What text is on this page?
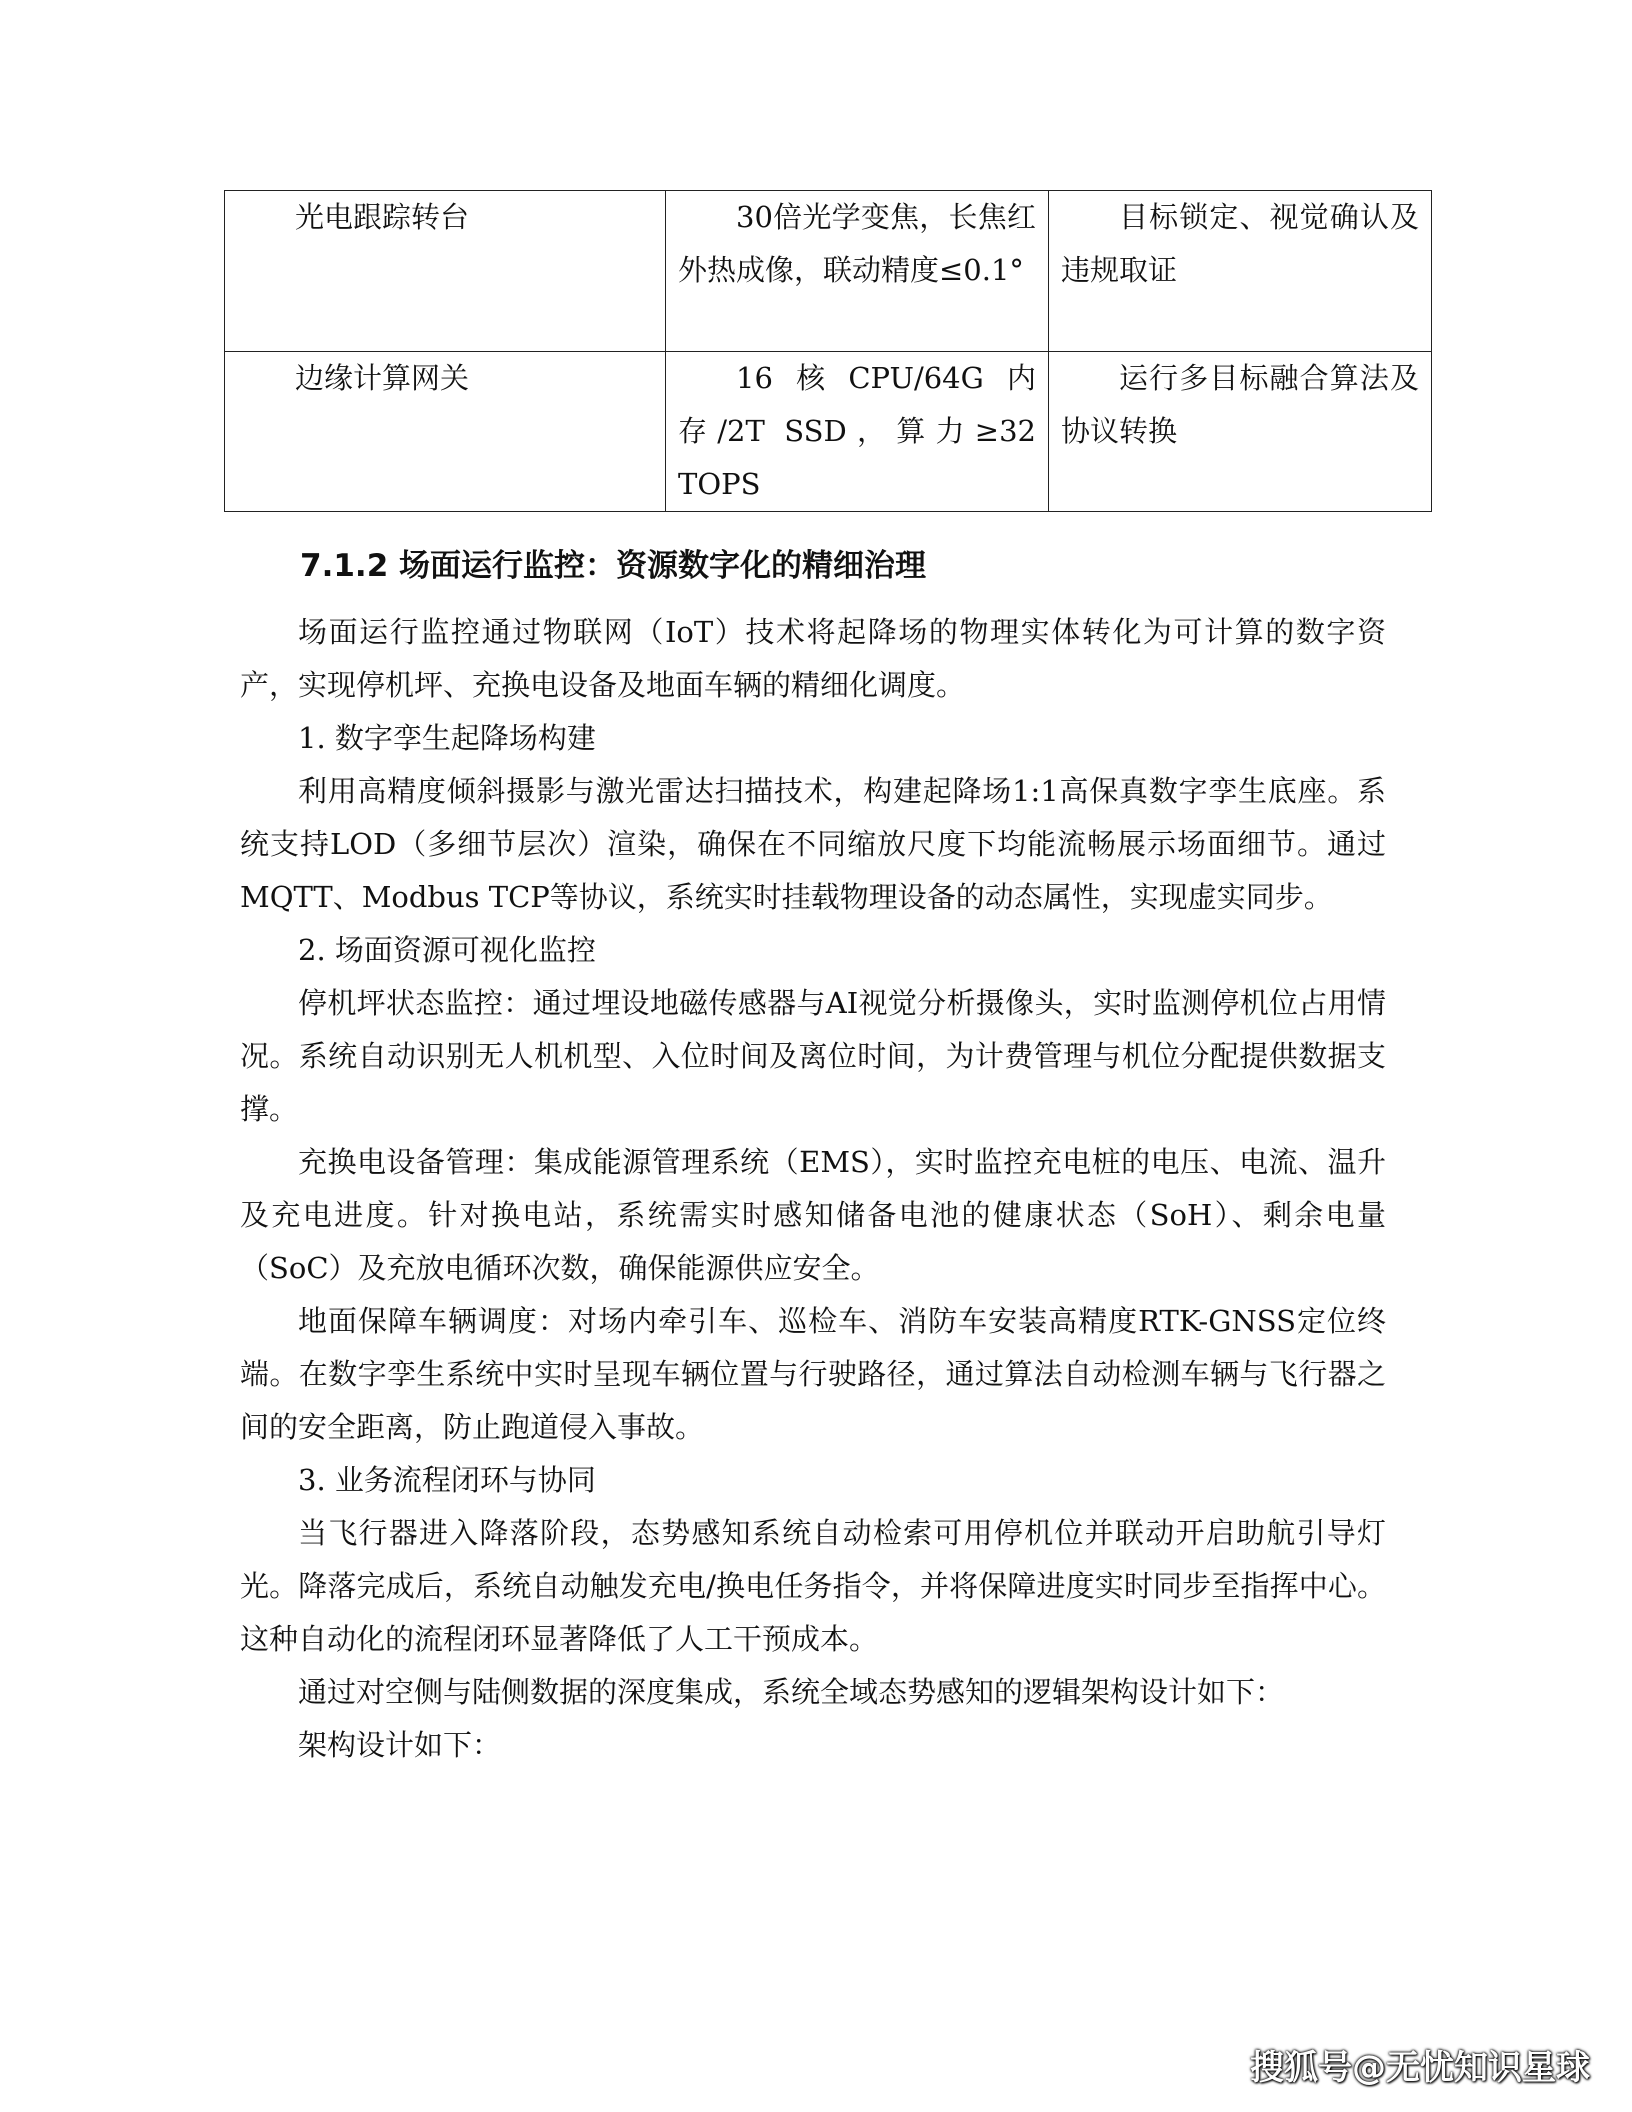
光电跟踪转台	30倍光学变焦，长焦红外热成像，联动精度≤0.1°	目标锁定、视觉确认及违规取证
边缘计算网关	16核CPU/64G内存/2T SSD，算力≥32 TOPS	运行多目标融合算法及协议转换
7.1.2 场面运行监控：资源数字化的精细治理

场面运行监控通过物联网（IoT）技术将起降场的物理实体转化为可计算的数字资产，实现停机坪、充换电设备及地面车辆的精细化调度。

1. 数字孪生起降场构建

利用高精度倾斜摄影与激光雷达扫描技术，构建起降场1:1高保真数字孪生底座。系统支持LOD（多细节层次）渲染，确保在不同缩放尺度下均能流畅展示场面细节。通过MQTT、Modbus TCP等协议，系统实时挂载物理设备的动态属性，实现虚实同步。

2. 场面资源可视化监控

停机坪状态监控：通过埋设地磁传感器与AI视觉分析摄像头，实时监测停机位占用情况。系统自动识别无人机机型、入位时间及离位时间，为计费管理与机位分配提供数据支撑。

充换电设备管理：集成能源管理系统（EMS），实时监控充电桩的电压、电流、温升及充电进度。针对换电站，系统需实时感知储备电池的健康状态（SoH）、剩余电量（SoC）及充放电循环次数，确保能源供应安全。

地面保障车辆调度：对场内牵引车、巡检车、消防车安装高精度RTK-GNSS定位终端。在数字孪生系统中实时呈现车辆位置与行驶路径，通过算法自动检测车辆与飞行器之间的安全距离，防止跑道侵入事故。

3. 业务流程闭环与协同

当飞行器进入降落阶段，态势感知系统自动检索可用停机位并联动开启助航引导灯光。降落完成后，系统自动触发充电/换电任务指令，并将保障进度实时同步至指挥中心。这种自动化的流程闭环显著降低了人工干预成本。

通过对空侧与陆侧数据的深度集成，系统全域态势感知的逻辑架构设计如下：

架构设计如下：

搜狐号@无忧知识星球
